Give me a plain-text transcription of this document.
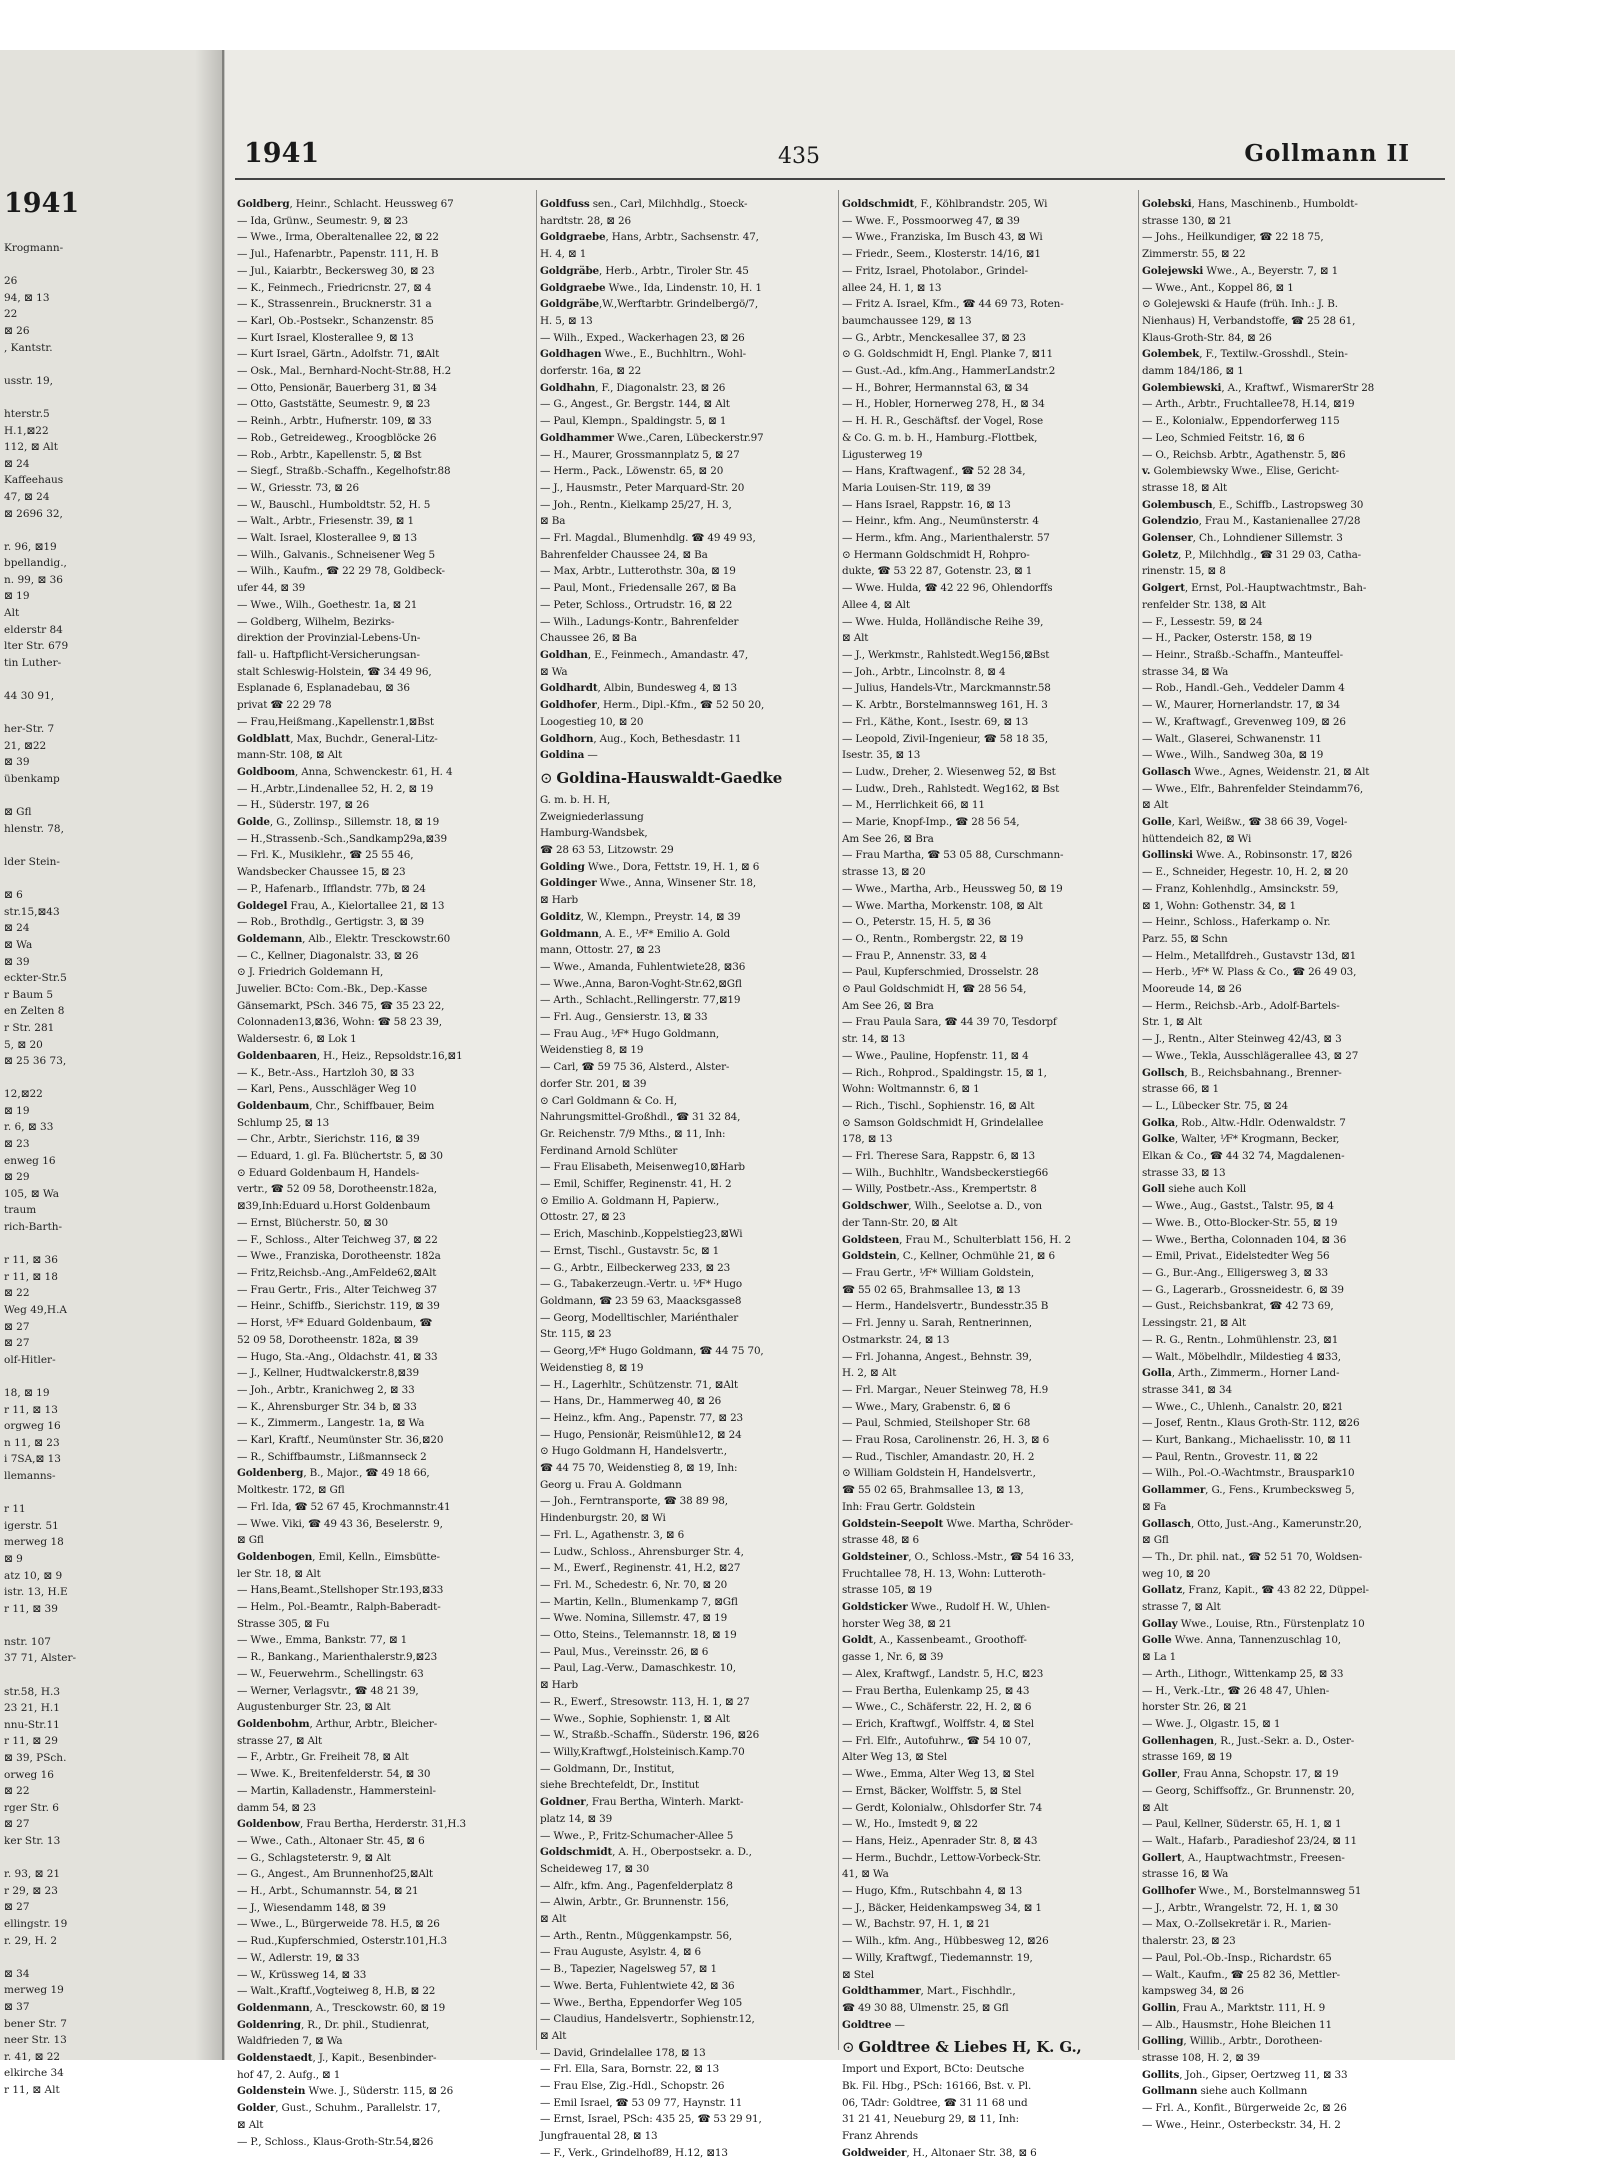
1941
Krogmann-

26
94, ⊠ 13
22
⊠ 26
, Kantstr.

usstr. 19,

hterstr.5
H.1,⊠22
112, ⊠ Alt
⊠ 24
Kaffeehaus
47, ⊠ 24
⊠ 2696 32,

r. 96, ⊠19
bpellandig.,
n. 99, ⊠ 36
⊠ 19
Alt
elderstr 84
lter Str. 679
tin Luther-

44 30 91,

her-Str. 7
21, ⊠22
⊠ 39
übenkamp

⊠ Gfl
hlenstr. 78,

lder Stein-

⊠ 6
str.15,⊠43
⊠ 24
⊠ Wa
⊠ 39
eckter-Str.5
r Baum 5
en Zelten 8
r Str. 281
5, ⊠ 20
⊠ 25 36 73,

12,⊠22
⊠ 19
r. 6, ⊠ 33
⊠ 23
enweg 16
⊠ 29
105, ⊠ Wa
traum
rich-Barth-

r 11, ⊠ 36
r 11, ⊠ 18
⊠ 22
Weg 49,H.A
⊠ 27
⊠ 27
olf-Hitler-

18, ⊠ 19
r 11, ⊠ 13
orgweg 16
n 11, ⊠ 23
i 7SA,⊠ 13
llemanns-

r 11
igerstr. 51
merweg 18
⊠ 9
atz 10, ⊠ 9
istr. 13, H.E
r 11, ⊠ 39

nstr. 107
37 71, Alster-

str.58, H.3
23 21, H.1
nnu-Str.11
r 11, ⊠ 29
⊠ 39, PSch.
orweg 16
⊠ 22
rger Str. 6
⊠ 27
ker Str. 13

r. 93, ⊠ 21
r 29, ⊠ 23
⊠ 27
ellingstr. 19
r. 29, H. 2

⊠ 34
merweg 19
⊠ 37
bener Str. 7
neer Str. 13
r. 41, ⊠ 22
elkirche 34
r 11, ⊠ Alt
1941	435	Gollmann II
Goldberg, Heinr., Schlacht. Heussweg 67
— Ida, Grünw., Seumestr. 9, ⊠ 23
— Wwe., Irma, Oberaltenallee 22, ⊠ 22
— Jul., Hafenarbtr., Papenstr. 111, H. B
— Jul., Kaiarbtr., Beckersweg 30, ⊠ 23
— K., Feinmech., Friedricnstr. 27, ⊠ 4
— K., Strassenrein., Brucknerstr. 31 a
— Karl, Ob.-Postsekr., Schanzenstr. 85
— Kurt Israel, Klosterallee 9, ⊠ 13
— Kurt Israel, Gärtn., Adolfstr. 71, ⊠Alt
— Osk., Mal., Bernhard-Nocht-Str.88, H.2
— Otto, Pensionär, Bauerberg 31, ⊠ 34
— Otto, Gaststätte, Seumestr. 9, ⊠ 23
— Reinh., Arbtr., Hufnerstr. 109, ⊠ 33
— Rob., Getreideweg., Kroogblöcke 26
— Rob., Arbtr., Kapellenstr. 5, ⊠ Bst
— Siegf., Straßb.-Schaffn., Kegelhofstr.88
— W., Griesstr. 73, ⊠ 26
— W., Bauschl., Humboldtstr. 52, H. 5
— Walt., Arbtr., Friesenstr. 39, ⊠ 1
— Walt. Israel, Klosterallee 9, ⊠ 13
— Wilh., Galvanis., Schneisener Weg 5
— Wilh., Kaufm., ☎ 22 29 78, Goldbeck-
ufer 44, ⊠ 39
— Wwe., Wilh., Goethestr. 1a, ⊠ 21
— Goldberg, Wilhelm, Bezirks-
direktion der Provinzial-Lebens-Un-
fall- u. Haftpflicht-Versicherungsan-
stalt Schleswig-Holstein, ☎ 34 49 96,
Esplanade 6, Esplanadebau, ⊠ 36
privat ☎ 22 29 78
— Frau,Heißmang.,Kapellenstr.1,⊠Bst
Goldblatt, Max, Buchdr., General-Litz-
mann-Str. 108, ⊠ Alt
Goldboom, Anna, Schwenckestr. 61, H. 4
— H.,Arbtr.,Lindenallee 52, H. 2, ⊠ 19
— H., Süderstr. 197, ⊠ 26
Golde, G., Zollinsp., Sillemstr. 18, ⊠ 19
— H.,Strassenb.-Sch.,Sandkamp29a,⊠39
— Frl. K., Musiklehr., ☎ 25 55 46,
Wandsbecker Chaussee 15, ⊠ 23
— P., Hafenarb., Ifflandstr. 77b, ⊠ 24
Goldegel Frau, A., Kielortallee 21, ⊠ 13
— Rob., Brothdlg., Gertigstr. 3, ⊠ 39
Goldemann, Alb., Elektr. Tresckowstr.60
— C., Kellner, Diagonalstr. 33, ⊠ 26
⊙ J. Friedrich Goldemann H,
Juwelier. BCto: Com.-Bk., Dep.-Kasse
Gänsemarkt, PSch. 346 75, ☎ 35 23 22,
Colonnaden13,⊠36, Wohn: ☎ 58 23 39,
Waldersestr. 6, ⊠ Lok 1
Goldenbaaren, H., Heiz., Repsoldstr.16,⊠1
— K., Betr.-Ass., Hartzloh 30, ⊠ 33
— Karl, Pens., Ausschläger Weg 10
Goldenbaum, Chr., Schiffbauer, Beim
Schlump 25, ⊠ 13
— Chr., Arbtr., Sierichstr. 116, ⊠ 39
— Eduard, 1. gl. Fa. Blüchertstr. 5, ⊠ 30
⊙ Eduard Goldenbaum H, Handels-
vertr., ☎ 52 09 58, Dorotheenstr.182a,
⊠39,Inh:Eduard u.Horst Goldenbaum
— Ernst, Blücherstr. 50, ⊠ 30
— F., Schloss., Alter Teichweg 37, ⊠ 22
— Wwe., Franziska, Dorotheenstr. 182a
— Fritz,Reichsb.-Ang.,AmFelde62,⊠Alt
— Frau Gertr., Fris., Alter Teichweg 37
— Heinr., Schiffb., Sierichstr. 119, ⊠ 39
— Horst, ⅟F* Eduard Goldenbaum, ☎
52 09 58, Dorotheenstr. 182a, ⊠ 39
— Hugo, Sta.-Ang., Oldachstr. 41, ⊠ 33
— J., Kellner, Hudtwalckerstr.8,⊠39
— Joh., Arbtr., Kranichweg 2, ⊠ 33
— K., Ahrensburger Str. 34 b, ⊠ 33
— K., Zimmerm., Langestr. 1a, ⊠ Wa
— Karl, Kraftf., Neumünster Str. 36,⊠20
— R., Schiffbaumstr., Lißmannseck 2
Goldenberg, B., Major., ☎ 49 18 66,
Moltkestr. 172, ⊠ Gfl
— Frl. Ida, ☎ 52 67 45, Krochmannstr.41
— Wwe. Viki, ☎ 49 43 36, Beselerstr. 9,
⊠ Gfl
Goldenbogen, Emil, Kelln., Eimsbütte-
ler Str. 18, ⊠ Alt
— Hans,Beamt.,Stellshoper Str.193,⊠33
— Helm., Pol.-Beamtr., Ralph-Baberadt-
Strasse 305, ⊠ Fu
— Wwe., Emma, Bankstr. 77, ⊠ 1
— R., Bankang., Marienthalerstr.9,⊠23
— W., Feuerwehrm., Schellingstr. 63
— Werner, Verlagsvtr., ☎ 48 21 39,
Augustenburger Str. 23, ⊠ Alt
Goldenbohm, Arthur, Arbtr., Bleicher-
strasse 27, ⊠ Alt
— F., Arbtr., Gr. Freiheit 78, ⊠ Alt
— Wwe. K., Breitenfelderstr. 54, ⊠ 30
— Martin, Kalladenstr., Hammersteinl-
damm 54, ⊠ 23
Goldenbow, Frau Bertha, Herderstr. 31,H.3
— Wwe., Cath., Altonaer Str. 45, ⊠ 6
— G., Schlagsteterstr. 9, ⊠ Alt
— G., Angest., Am Brunnenhof25,⊠Alt
— H., Arbt., Schumannstr. 54, ⊠ 21
— J., Wiesendamm 148, ⊠ 39
— Wwe., L., Bürgerweide 78. H.5, ⊠ 26
— Rud.,Kupferschmied, Osterstr.101,H.3
— W., Adlerstr. 19, ⊠ 33
— W., Krüssweg 14, ⊠ 33
— Walt.,Kraftf.,Vogteiweg 8, H.B, ⊠ 22
Goldenmann, A., Tresckowstr. 60, ⊠ 19
Goldenring, R., Dr. phil., Studienrat,
Waldfrieden 7, ⊠ Wa
Goldenstaedt, J., Kapit., Besenbinder-
hof 47, 2. Aufg., ⊠ 1
Goldenstein Wwe. J., Süderstr. 115, ⊠ 26
Golder, Gust., Schuhm., Parallelstr. 17,
⊠ Alt
— P., Schloss., Klaus-Groth-Str.54,⊠26
Goldfuss sen., Carl, Milchhdlg., Stoeck-
hardtstr. 28, ⊠ 26
Goldgraebe, Hans, Arbtr., Sachsenstr. 47,
H. 4, ⊠ 1
Goldgräbe, Herb., Arbtr., Tiroler Str. 45
Goldgraebe Wwe., Ida, Lindenstr. 10, H. 1
Goldgräbe,W.,Werftarbtr. Grindelbergö/7,
H. 5, ⊠ 13
— Wilh., Exped., Wackerhagen 23, ⊠ 26
Goldhagen Wwe., E., Buchhltrn., Wohl-
dorferstr. 16a, ⊠ 22
Goldhahn, F., Diagonalstr. 23, ⊠ 26
— G., Angest., Gr. Bergstr. 144, ⊠ Alt
— Paul, Klempn., Spaldingstr. 5, ⊠ 1
Goldhammer Wwe.,Caren, Lübeckerstr.97
— H., Maurer, Grossmannplatz 5, ⊠ 27
— Herm., Pack., Löwenstr. 65, ⊠ 20
— J., Hausmstr., Peter Marquard-Str. 20
— Joh., Rentn., Kielkamp 25/27, H. 3,
⊠ Ba
— Frl. Magdal., Blumenhdlg. ☎ 49 49 93,
Bahrenfelder Chaussee 24, ⊠ Ba
— Max, Arbtr., Lutterothstr. 30a, ⊠ 19
— Paul, Mont., Friedensalle 267, ⊠ Ba
— Peter, Schloss., Ortrudstr. 16, ⊠ 22
— Wilh., Ladungs-Kontr., Bahrenfelder
Chaussee 26, ⊠ Ba
Goldhan, E., Feinmech., Amandastr. 47,
⊠ Wa
Goldhardt, Albin, Bundesweg 4, ⊠ 13
Goldhofer, Herm., Dipl.-Kfm., ☎ 52 50 20,
Loogestieg 10, ⊠ 20
Goldhorn, Aug., Koch, Bethesdastr. 11
Goldina —
⊙ Goldina-Hauswaldt-Gaedke
G. m. b. H. H,
Zweigniederlassung
Hamburg-Wandsbek,
☎ 28 63 53, Litzowstr. 29
Golding Wwe., Dora, Fettstr. 19, H. 1, ⊠ 6
Goldinger Wwe., Anna, Winsener Str. 18,
⊠ Harb
Golditz, W., Klempn., Preystr. 14, ⊠ 39
Goldmann, A. E., ⅟F* Emilio A. Gold
mann, Ottostr. 27, ⊠ 23
— Wwe., Amanda, Fuhlentwiete28, ⊠36
— Wwe.,Anna, Baron-Voght-Str.62,⊠Gfl
— Arth., Schlacht.,Rellingerstr. 77,⊠19
— Frl. Aug., Gensierstr. 13, ⊠ 33
— Frau Aug., ⅟F* Hugo Goldmann,
Weidenstieg 8, ⊠ 19
— Carl, ☎ 59 75 36, Alsterd., Alster-
dorfer Str. 201, ⊠ 39
⊙ Carl Goldmann & Co. H,
Nahrungsmittel-Großhdl., ☎ 31 32 84,
Gr. Reichenstr. 7/9 Mths., ⊠ 11, Inh:
Ferdinand Arnold Schlüter
— Frau Elisabeth, Meisenweg10,⊠Harb
— Emil, Schiffer, Reginenstr. 41, H. 2
⊙ Emilio A. Goldmann H, Papierw.,
Ottostr. 27, ⊠ 23
— Erich, Maschinb.,Koppelstieg23,⊠Wi
— Ernst, Tischl., Gustavstr. 5c, ⊠ 1
— G., Arbtr., Eilbeckerweg 233, ⊠ 23
— G., Tabakerzeugn.-Vertr. u. ⅟F* Hugo
Goldmann, ☎ 23 59 63, Maacksgasse8
— Georg, Modelltischler, Mariénthaler
Str. 115, ⊠ 23
— Georg,⅟F* Hugo Goldmann, ☎ 44 75 70,
Weidenstieg 8, ⊠ 19
— H., Lagerhltr., Schützenstr. 71, ⊠Alt
— Hans, Dr., Hammerweg 40, ⊠ 26
— Heinz., kfm. Ang., Papenstr. 77, ⊠ 23
— Hugo, Pensionär, Reismühle12, ⊠ 24
⊙ Hugo Goldmann H, Handelsvertr.,
☎ 44 75 70, Weidenstieg 8, ⊠ 19, Inh:
Georg u. Frau A. Goldmann
— Joh., Ferntransporte, ☎ 38 89 98,
Hindenburgstr. 20, ⊠ Wi
— Frl. L., Agathenstr. 3, ⊠ 6
— Ludw., Schloss., Ahrensburger Str. 4,
— M., Ewerf., Reginenstr. 41, H.2, ⊠27
— Frl. M., Schedestr. 6, Nr. 70, ⊠ 20
— Martin, Kelln., Blumenkamp 7, ⊠Gfl
— Wwe. Nomina, Sillemstr. 47, ⊠ 19
— Otto, Steins., Telemannstr. 18, ⊠ 19
— Paul, Mus., Vereinsstr. 26, ⊠ 6
— Paul, Lag.-Verw., Damaschkestr. 10,
⊠ Harb
— R., Ewerf., Stresowstr. 113, H. 1, ⊠ 27
— Wwe., Sophie, Sophienstr. 1, ⊠ Alt
— W., Straßb.-Schaffn., Süderstr. 196, ⊠26
— Willy,Kraftwgf.,Holsteinisch.Kamp.70
— Goldmann, Dr., Institut,
siehe Brechtefeldt, Dr., Institut
Goldner, Frau Bertha, Winterh. Markt-
platz 14, ⊠ 39
— Wwe., P., Fritz-Schumacher-Allee 5
Goldschmidt, A. H., Oberpostsekr. a. D.,
Scheideweg 17, ⊠ 30
— Alfr., kfm. Ang., Pagenfelderplatz 8
— Alwin, Arbtr., Gr. Brunnenstr. 156,
⊠ Alt
— Arth., Rentn., Müggenkampstr. 56,
— Frau Auguste, Asylstr. 4, ⊠ 6
— B., Tapezier, Nagelsweg 57, ⊠ 1
— Wwe. Berta, Fuhlentwiete 42, ⊠ 36
— Wwe., Bertha, Eppendorfer Weg 105
— Claudius, Handelsvertr., Sophienstr.12,
⊠ Alt
— David, Grindelallee 178, ⊠ 13
— Frl. Ella, Sara, Bornstr. 22, ⊠ 13
— Frau Else, Zig.-Hdl., Schopstr. 26
— Emil Israel, ☎ 53 09 77, Haynstr. 11
— Ernst, Israel, PSch: 435 25, ☎ 53 29 91,
Jungfrauental 28, ⊠ 13
— F., Verk., Grindelhof89, H.12, ⊠13
Goldschmidt, F., Köhlbrandstr. 205, Wi
— Wwe. F., Possmoorweg 47, ⊠ 39
— Wwe., Franziska, Im Busch 43, ⊠ Wi
— Friedr., Seem., Klosterstr. 14/16, ⊠1
— Fritz, Israel, Photolabor., Grindel-
allee 24, H. 1, ⊠ 13
— Fritz A. Israel, Kfm., ☎ 44 69 73, Roten-
baumchaussee 129, ⊠ 13
— G., Arbtr., Menckesallee 37, ⊠ 23
⊙ G. Goldschmidt H, Engl. Planke 7, ⊠11
— Gust.-Ad., kfm.Ang., HammerLandstr.2
— H., Bohrer, Hermannstal 63, ⊠ 34
— H., Hobler, Hornerweg 278, H., ⊠ 34
— H. H. R., Geschäftsf. der Vogel, Rose
& Co. G. m. b. H., Hamburg.-Flottbek,
Ligusterweg 19
— Hans, Kraftwagenf., ☎ 52 28 34,
Maria Louisen-Str. 119, ⊠ 39
— Hans Israel, Rappstr. 16, ⊠ 13
— Heinr., kfm. Ang., Neumünsterstr. 4
— Herm., kfm. Ang., Marienthalerstr. 57
⊙ Hermann Goldschmidt H, Rohpro-
dukte, ☎ 53 22 87, Gotenstr. 23, ⊠ 1
— Wwe. Hulda, ☎ 42 22 96, Ohlendorffs
Allee 4, ⊠ Alt
— Wwe. Hulda, Holländische Reihe 39,
⊠ Alt
— J., Werkmstr., Rahlstedt.Weg156,⊠Bst
— Joh., Arbtr., Lincolnstr. 8, ⊠ 4
— Julius, Handels-Vtr., Marckmannstr.58
— K. Arbtr., Borstelmannsweg 161, H. 3
— Frl., Käthe, Kont., Isestr. 69, ⊠ 13
— Leopold, Zivil-Ingenieur, ☎ 58 18 35,
Isestr. 35, ⊠ 13
— Ludw., Dreher, 2. Wiesenweg 52, ⊠ Bst
— Ludw., Dreh., Rahlstedt. Weg162, ⊠ Bst
— M., Herrlichkeit 66, ⊠ 11
— Marie, Knopf-Imp., ☎ 28 56 54,
Am See 26, ⊠ Bra
— Frau Martha, ☎ 53 05 88, Curschmann-
strasse 13, ⊠ 20
— Wwe., Martha, Arb., Heussweg 50, ⊠ 19
— Wwe. Martha, Morkenstr. 108, ⊠ Alt
— O., Peterstr. 15, H. 5, ⊠ 36
— O., Rentn., Rombergstr. 22, ⊠ 19
— Frau P., Annenstr. 33, ⊠ 4
— Paul, Kupferschmied, Drosselstr. 28
⊙ Paul Goldschmidt H, ☎ 28 56 54,
Am See 26, ⊠ Bra
— Frau Paula Sara, ☎ 44 39 70, Tesdorpf
str. 14, ⊠ 13
— Wwe., Pauline, Hopfenstr. 11, ⊠ 4
— Rich., Rohprod., Spaldingstr. 15, ⊠ 1,
Wohn: Woltmannstr. 6, ⊠ 1
— Rich., Tischl., Sophienstr. 16, ⊠ Alt
⊙ Samson Goldschmidt H, Grindelallee
178, ⊠ 13
— Frl. Therese Sara, Rappstr. 6, ⊠ 13
— Wilh., Buchhltr., Wandsbeckerstieg66
— Willy, Postbetr.-Ass., Krempertstr. 8
Goldschwer, Wilh., Seelotse a. D., von
der Tann-Str. 20, ⊠ Alt
Goldsteen, Frau M., Schulterblatt 156, H. 2
Goldstein, C., Kellner, Ochmühle 21, ⊠ 6
— Frau Gertr., ⅟F* William Goldstein,
☎ 55 02 65, Brahmsallee 13, ⊠ 13
— Herm., Handelsvertr., Bundesstr.35 B
— Frl. Jenny u. Sarah, Rentnerinnen,
Ostmarkstr. 24, ⊠ 13
— Frl. Johanna, Angest., Behnstr. 39,
H. 2, ⊠ Alt
— Frl. Margar., Neuer Steinweg 78, H.9
— Wwe., Mary, Grabenstr. 6, ⊠ 6
— Paul, Schmied, Steilshoper Str. 68
— Frau Rosa, Carolinenstr. 26, H. 3, ⊠ 6
— Rud., Tischler, Amandastr. 20, H. 2
⊙ William Goldstein H, Handelsvertr.,
☎ 55 02 65, Brahmsallee 13, ⊠ 13,
Inh: Frau Gertr. Goldstein
Goldstein-Seepolt Wwe. Martha, Schröder-
strasse 48, ⊠ 6
Goldsteiner, O., Schloss.-Mstr., ☎ 54 16 33,
Fruchtallee 78, H. 13, Wohn: Lutteroth-
strasse 105, ⊠ 19
Goldsticker Wwe., Rudolf H. W., Uhlen-
horster Weg 38, ⊠ 21
Goldt, A., Kassenbeamt., Groothoff-
gasse 1, Nr. 6, ⊠ 39
— Alex, Kraftwgf., Landstr. 5, H.C, ⊠23
— Frau Bertha, Eulenkamp 25, ⊠ 43
— Wwe., C., Schäferstr. 22, H. 2, ⊠ 6
— Erich, Kraftwgf., Wolffstr. 4, ⊠ Stel
— Frl. Elfr., Autofuhrw., ☎ 54 10 07,
Alter Weg 13, ⊠ Stel
— Wwe., Emma, Alter Weg 13, ⊠ Stel
— Ernst, Bäcker, Wolffstr. 5, ⊠ Stel
— Gerdt, Kolonialw., Ohlsdorfer Str. 74
— W., Ho., Imstedt 9, ⊠ 22
— Hans, Heiz., Apenrader Str. 8, ⊠ 43
— Herm., Buchdr., Lettow-Vorbeck-Str.
41, ⊠ Wa
— Hugo, Kfm., Rutschbahn 4, ⊠ 13
— J., Bäcker, Heidenkampsweg 34, ⊠ 1
— W., Bachstr. 97, H. 1, ⊠ 21
— Wilh., kfm. Ang., Hübbesweg 12, ⊠26
— Willy, Kraftwgf., Tiedemannstr. 19,
⊠ Stel
Goldthammer, Mart., Fischhdlr.,
☎ 49 30 88, Ulmenstr. 25, ⊠ Gfl
Goldtree —
⊙ Goldtree & Liebes H, K. G.,
Import und Export, BCto: Deutsche
Bk. Fil. Hbg., PSch: 16166, Bst. v. Pl.
06, TAdr: Goldtree, ☎ 31 11 68 und
31 21 41, Neueburg 29, ⊠ 11, Inh:
Franz Ahrends
Goldweider, H., Altonaer Str. 38, ⊠ 6
Golebski, Hans, Maschinenb., Humboldt-
strasse 130, ⊠ 21
— Johs., Heilkundiger, ☎ 22 18 75,
Zimmerstr. 55, ⊠ 22
Golejewski Wwe., A., Beyerstr. 7, ⊠ 1
— Wwe., Ant., Koppel 86, ⊠ 1
⊙ Golejewski & Haufe (früh. Inh.: J. B.
Nienhaus) H, Verbandstoffe, ☎ 25 28 61,
Klaus-Groth-Str. 84, ⊠ 26
Golembek, F., Textilw.-Grosshdl., Stein-
damm 184/186, ⊠ 1
Golembiewski, A., Kraftwf., WismarerStr 28
— Arth., Arbtr., Fruchtallee78, H.14, ⊠19
— E., Kolonialw., Eppendorferweg 115
— Leo, Schmied Feitstr. 16, ⊠ 6
— O., Reichsb. Arbtr., Agathenstr. 5, ⊠6
v. Golembiewsky Wwe., Elise, Gericht-
strasse 18, ⊠ Alt
Golembusch, E., Schiffb., Lastropsweg 30
Golendzio, Frau M., Kastanienallee 27/28
Golenser, Ch., Lohndiener Sillemstr. 3
Goletz, P., Milchhdlg., ☎ 31 29 03, Catha-
rinenstr. 15, ⊠ 8
Golgert, Ernst, Pol.-Hauptwachtmstr., Bah-
renfelder Str. 138, ⊠ Alt
— F., Lessestr. 59, ⊠ 24
— H., Packer, Osterstr. 158, ⊠ 19
— Heinr., Straßb.-Schaffn., Manteuffel-
strasse 34, ⊠ Wa
— Rob., Handl.-Geh., Veddeler Damm 4
— W., Maurer, Hornerlandstr. 17, ⊠ 34
— W., Kraftwagf., Grevenweg 109, ⊠ 26
— Walt., Glaserei, Schwanenstr. 11
— Wwe., Wilh., Sandweg 30a, ⊠ 19
Gollasch Wwe., Agnes, Weidenstr. 21, ⊠ Alt
— Wwe., Elfr., Bahrenfelder Steindamm76,
⊠ Alt
Golle, Karl, Weißw., ☎ 38 66 39, Vogel-
hüttendeich 82, ⊠ Wi
Gollinski Wwe. A., Robinsonstr. 17, ⊠26
— E., Schneider, Hegestr. 10, H. 2, ⊠ 20
— Franz, Kohlenhdlg., Amsinckstr. 59,
⊠ 1, Wohn: Gothenstr. 34, ⊠ 1
— Heinr., Schloss., Haferkamp o. Nr.
Parz. 55, ⊠ Schn
— Helm., Metallfdreh., Gustavstr 13d, ⊠1
— Herb., ⅟F* W. Plass & Co., ☎ 26 49 03,
Mooreude 14, ⊠ 26
— Herm., Reichsb.-Arb., Adolf-Bartels-
Str. 1, ⊠ Alt
— J., Rentn., Alter Steinweg 42/43, ⊠ 3
— Wwe., Tekla, Ausschlägerallee 43, ⊠ 27
Gollsch, B., Reichsbahnang., Brenner-
strasse 66, ⊠ 1
— L., Lübecker Str. 75, ⊠ 24
Golka, Rob., Altw.-Hdlr. Odenwaldstr. 7
Golke, Walter, ⅟F* Krogmann, Becker,
Elkan & Co., ☎ 44 32 74, Magdalenen-
strasse 33, ⊠ 13
Goll siehe auch Koll
— Wwe., Aug., Gastst., Talstr. 95, ⊠ 4
— Wwe. B., Otto-Blocker-Str. 55, ⊠ 19
— Wwe., Bertha, Colonnaden 104, ⊠ 36
— Emil, Privat., Eidelstedter Weg 56
— G., Bur.-Ang., Elligersweg 3, ⊠ 33
— G., Lagerarb., Grossneidestr. 6, ⊠ 39
— Gust., Reichsbankrat, ☎ 42 73 69,
Lessingstr. 21, ⊠ Alt
— R. G., Rentn., Lohmühlenstr. 23, ⊠1
— Walt., Möbelhdlr., Mildestieg 4 ⊠33,
Golla, Arth., Zimmerm., Horner Land-
strasse 341, ⊠ 34
— Wwe., C., Uhlenh., Canalstr. 20, ⊠21
— Josef, Rentn., Klaus Groth-Str. 112, ⊠26
— Kurt, Bankang., Michaelisstr. 10, ⊠ 11
— Paul, Rentn., Grovestr. 11, ⊠ 22
— Wilh., Pol.-O.-Wachtmstr., Brauspark10
Gollammer, G., Fens., Krumbecksweg 5,
⊠ Fa
Gollasch, Otto, Just.-Ang., Kamerunstr.20,
⊠ Gfl
— Th., Dr. phil. nat., ☎ 52 51 70, Woldsen-
weg 10, ⊠ 20
Gollatz, Franz, Kapit., ☎ 43 82 22, Düppel-
strasse 7, ⊠ Alt
Gollay Wwe., Louise, Rtn., Fürstenplatz 10
Golle Wwe. Anna, Tannenzuschlag 10,
⊠ La 1
— Arth., Lithogr., Wittenkamp 25, ⊠ 33
— H., Verk.-Ltr., ☎ 26 48 47, Uhlen-
horster Str. 26, ⊠ 21
— Wwe. J., Olgastr. 15, ⊠ 1
Gollenhagen, R., Just.-Sekr. a. D., Oster-
strasse 169, ⊠ 19
Goller, Frau Anna, Schopstr. 17, ⊠ 19
— Georg, Schiffsoffz., Gr. Brunnenstr. 20,
⊠ Alt
— Paul, Kellner, Süderstr. 65, H. 1, ⊠ 1
— Walt., Hafarb., Paradieshof 23/24, ⊠ 11
Gollert, A., Hauptwachtmstr., Freesen-
strasse 16, ⊠ Wa
Gollhofer Wwe., M., Borstelmannsweg 51
— J., Arbtr., Wrangelstr. 72, H. 1, ⊠ 30
— Max, O.-Zollsekretär i. R., Marien-
thalerstr. 23, ⊠ 23
— Paul, Pol.-Ob.-Insp., Richardstr. 65
— Walt., Kaufm., ☎ 25 82 36, Mettler-
kampsweg 34, ⊠ 26
Gollin, Frau A., Marktstr. 111, H. 9
— Alb., Hausmstr., Hohe Bleichen 11
Golling, Willib., Arbtr., Dorotheen-
strasse 108, H. 2, ⊠ 39
Gollits, Joh., Gipser, Oertzweg 11, ⊠ 33
Gollmann siehe auch Kollmann
— Frl. A., Konfit., Bürgerweide 2c, ⊠ 26
— Wwe., Heinr., Osterbeckstr. 34, H. 2
